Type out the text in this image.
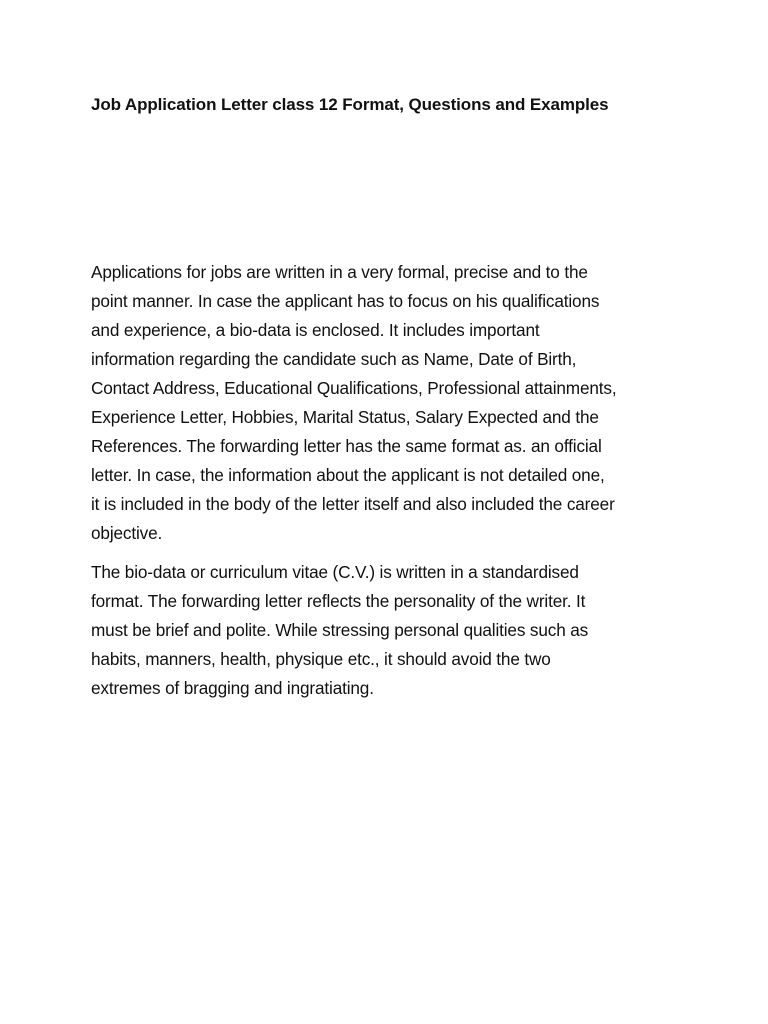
Job Application Letter class 12 Format, Questions and Examples

Applications for jobs are written in a very formal, precise and to the
point manner. In case the applicant has to focus on his qualifications
and experience, a bio-data is enclosed. It includes important
information regarding the candidate such as Name, Date of Birth,
Contact Address, Educational Qualifications, Professional attainments,
Experience Letter, Hobbies, Marital Status, Salary Expected and the
References. The forwarding letter has the same format as. an official
letter. In case, the information about the applicant is not detailed one,
it is included in the body of the letter itself and also included the career
objective.

The bio-data or curriculum vitae (C.V.) is written in a standardised
format. The forwarding letter reflects the personality of the writer. It
must be brief and polite. While stressing personal qualities such as
habits, manners, health, physique etc., it should avoid the two
extremes of bragging and ingratiating.
